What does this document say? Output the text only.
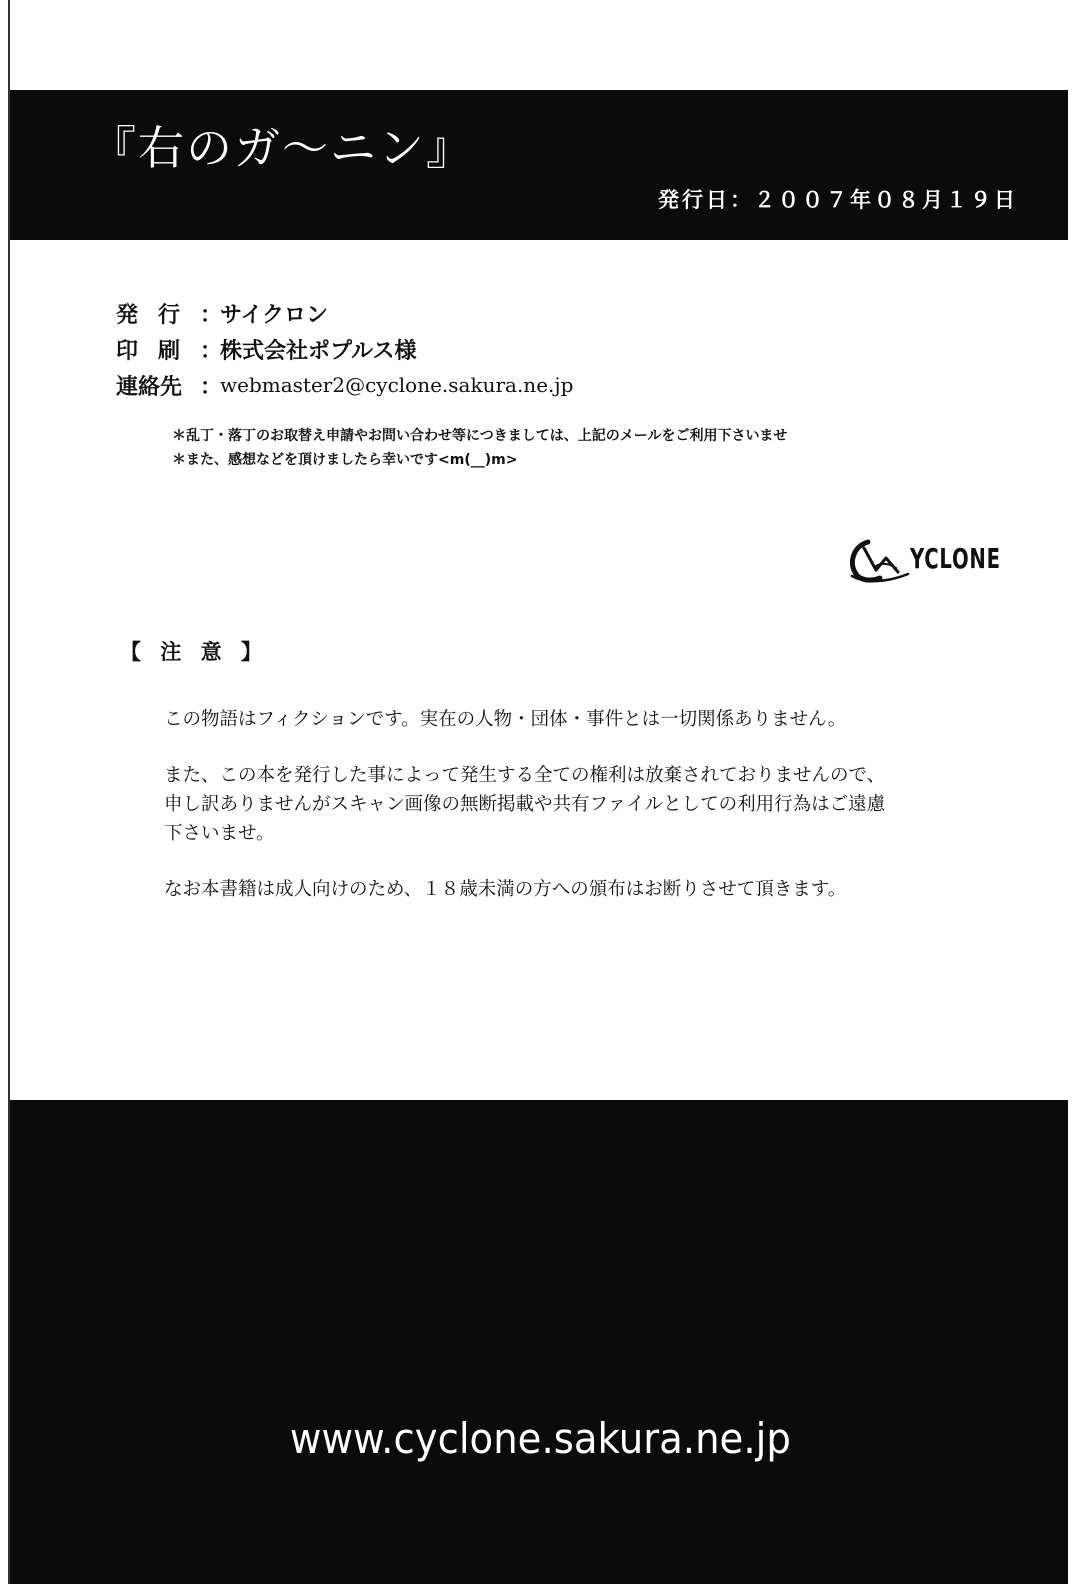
『右のガ～ニン』
発行日：２００７年０８月１９日
発行 ：
サイクロン
印刷 ：
株式会社ポプルス様
連絡先 ：
webmaster2@cyclone.sakura.ne.jp
＊乱丁・落丁のお取替え申請やお問い合わせ等につきましては、上記のメールをご利用下さいませ
＊また、感想などを頂けましたら幸いです<m(__)m>
YCLONE
【 注 意 】

この物語はフィクションです。実在の人物・団体・事件とは一切関係ありません。

また、この本を発行した事によって発生する全ての権利は放棄されておりませんので、
申し訳ありませんがスキャン画像の無断掲載や共有ファイルとしての利用行為はご遠慮
下さいませ。

なお本書籍は成人向けのため、１８歳未満の方への頒布はお断りさせて頂きます。

www.cyclone.sakura.ne.jp
